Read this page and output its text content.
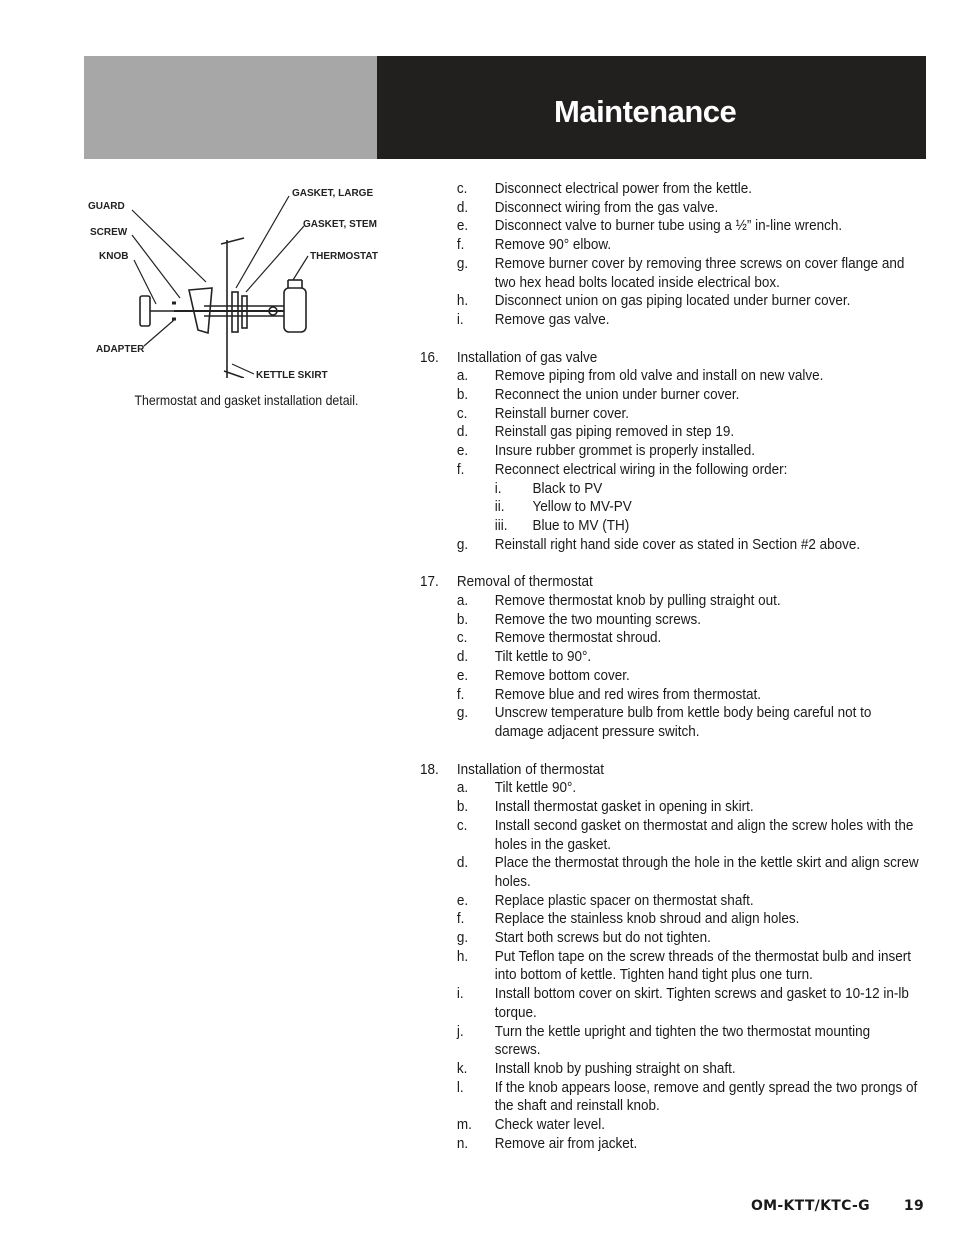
Maintenance
GUARD
SCREW
KNOB
ADAPTER
GASKET, LARGE
GASKET, STEM
THERMOSTAT
KETTLE SKIRT
Thermostat and gasket installation detail.
c. Disconnect electrical power from the kettle.
d. Disconnect wiring from the gas valve.
e. Disconnect valve to burner tube using a ½” in-line wrench.
f. Remove 90° elbow.
g. Remove burner cover by removing three screws on cover flange and two hex head bolts located inside electrical box.
h. Disconnect union on gas piping located under burner cover.
i. Remove gas valve.
16. Installation of gas valve
a. Remove piping from old valve and install on new valve.
b. Reconnect the union under burner cover.
c. Reinstall burner cover.
d. Reinstall gas piping removed in step 19.
e. Insure rubber grommet is properly installed.
f. Reconnect electrical wiring in the following order:
i. Black to PV
ii. Yellow to MV-PV
iii. Blue to MV (TH)
g. Reinstall right hand side cover as stated in Section #2 above.
17. Removal of thermostat
a. Remove thermostat knob by pulling straight out.
b. Remove the two mounting screws.
c. Remove thermostat shroud.
d. Tilt kettle to 90°.
e. Remove bottom cover.
f. Remove blue and red wires from thermostat.
g. Unscrew temperature bulb from kettle body being careful not to damage adjacent pressure switch.
18. Installation of thermostat
a. Tilt kettle 90°.
b. Install thermostat gasket in opening in skirt.
c. Install second gasket on thermostat and align the screw holes with the holes in the gasket.
d. Place the thermostat through the hole in the kettle skirt and align screw holes.
e. Replace plastic spacer on thermostat shaft.
f. Replace the stainless knob shroud and align holes.
g. Start both screws but do not tighten.
h. Put Teflon tape on the screw threads of the thermostat bulb and insert into bottom of kettle. Tighten hand tight plus one turn.
i. Install bottom cover on skirt. Tighten screws and gasket to 10-12 in-lb torque.
j. Turn the kettle upright and tighten the two thermostat mounting screws.
k. Install knob by pushing straight on shaft.
l. If the knob appears loose, remove and gently spread the two prongs of the shaft and reinstall knob.
m. Check water level.
n. Remove air from jacket.
OM-KTT/KTC-G 19
